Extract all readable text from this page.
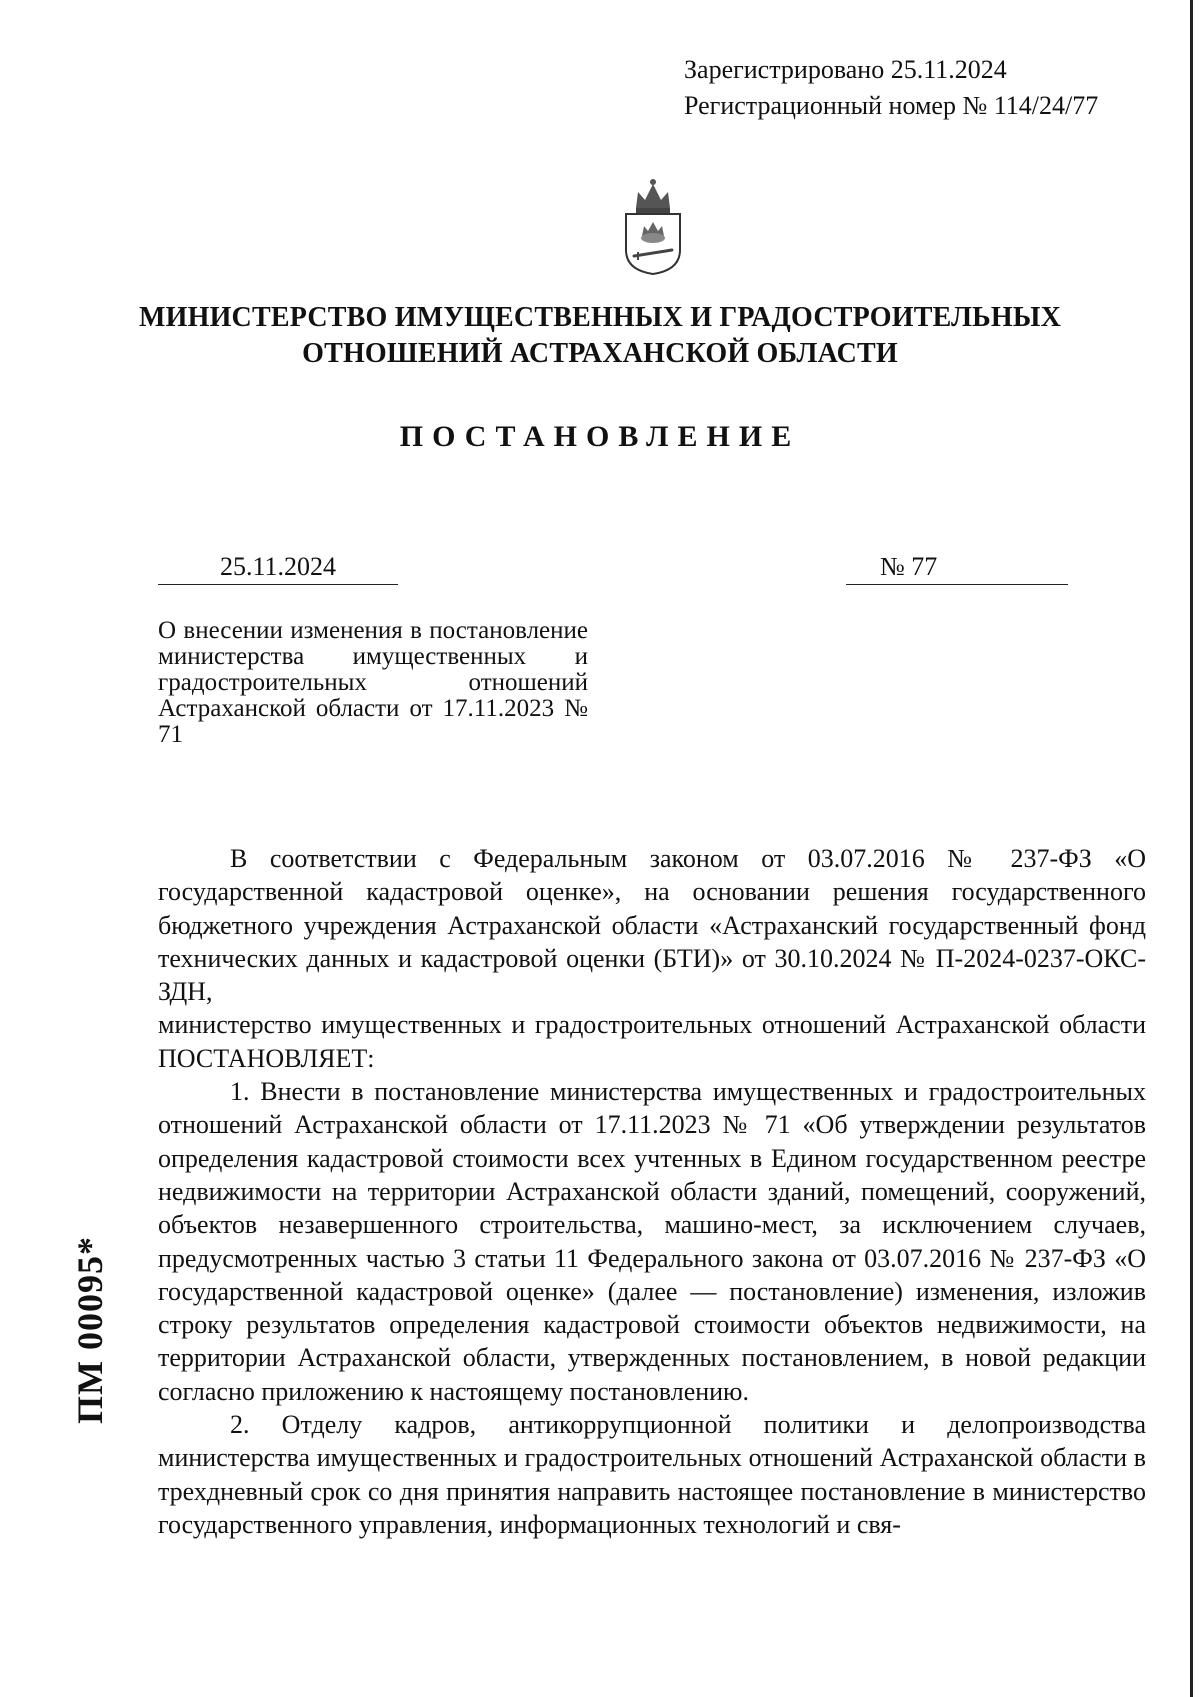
Зарегистрировано 25.11.2024
Регистрационный номер № 114/24/77
МИНИСТЕРСТВО ИМУЩЕСТВЕННЫХ И ГРАДОСТРОИТЕЛЬНЫХ
ОТНОШЕНИЙ АСТРАХАНСКОЙ ОБЛАСТИ
ПОСТАНОВЛЕНИЕ
25.11.2024	№ 77
О внесении изменения в постановление министерства имущественных и градостроительных отношений Астраханской области от 17.11.2023 № 71

В соответствии с Федеральным законом от 03.07.2016 № 237-ФЗ «О государственной кадастровой оценке», на основании решения государственного бюджетного учреждения Астраханской области «Астраханский государственный фонд технических данных и кадастровой оценки (БТИ)» от 30.10.2024 № П-2024-0237-ОКС-ЗДН,

министерство имущественных и градостроительных отношений Астраханской области ПОСТАНОВЛЯЕТ:

1. Внести в постановление министерства имущественных и градостроительных отношений Астраханской области от 17.11.2023 № 71 «Об утверждении результатов определения кадастровой стоимости всех учтенных в Едином государственном реестре недвижимости на территории Астраханской области зданий, помещений, сооружений, объектов незавершенного строительства, машино-мест, за исключением случаев, предусмотренных частью 3 статьи 11 Федерального закона от 03.07.2016 № 237-ФЗ «О государственной кадастровой оценке» (далее — постановление) изменения, изложив строку результатов определения кадастровой стоимости объектов недвижимости, на территории Астраханской области, утвержденных постановлением, в новой редакции согласно приложению к настоящему постановлению.

2. Отделу кадров, антикоррупционной политики и делопроизводства министерства имущественных и градостроительных отношений Астраханской области в трехдневный срок со дня принятия направить настоящее постановление в министерство государственного управления, информационных технологий и свя-

ПМ 00095*
